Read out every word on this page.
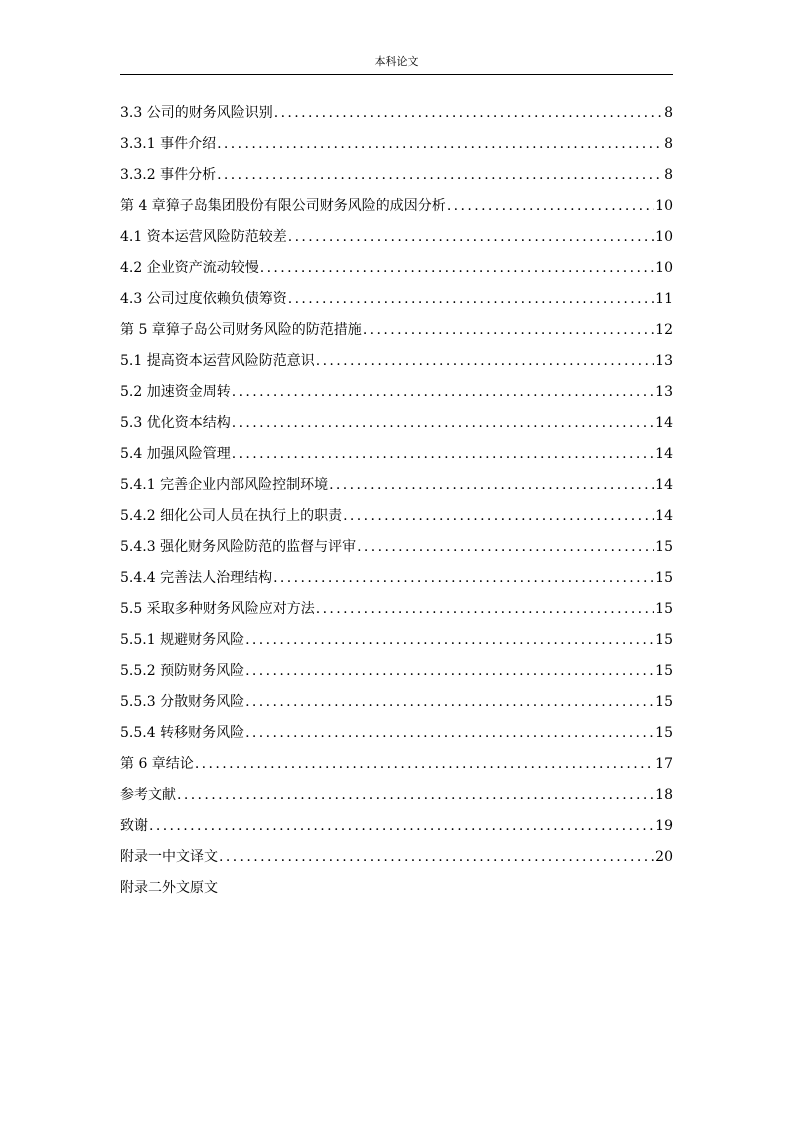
本科论文
3.3 公司的财务风险识别 .....	8
3.3.1 事件介绍 .....	8
3.3.2 事件分析 .....	8
第 4 章獐子岛集团股份有限公司财务风险的成因分析 .....	10
4.1 资本运营风险防范较差 .....	10
4.2 企业资产流动较慢 .....	10
4.3 公司过度依赖负债筹资 .....	11
第 5 章獐子岛公司财务风险的防范措施 .....	12
5.1 提高资本运营风险防范意识 .....	13
5.2 加速资金周转 .....	13
5.3 优化资本结构 .....	14
5.4 加强风险管理 .....	14
5.4.1 完善企业内部风险控制环境 .....	14
5.4.2 细化公司人员在执行上的职责 .....	14
5.4.3 强化财务风险防范的监督与评审 .....	15
5.4.4 完善法人治理结构 .....	15
5.5 采取多种财务风险应对方法 .....	15
5.5.1 规避财务风险 .....	15
5.5.2 预防财务风险 .....	15
5.5.3 分散财务风险 .....	15
5.5.4 转移财务风险 .....	15
第 6 章结论 .....	17
参考文献 .....	18
致谢 .....	19
附录一中文译文 .....	20
附录二外文原文
